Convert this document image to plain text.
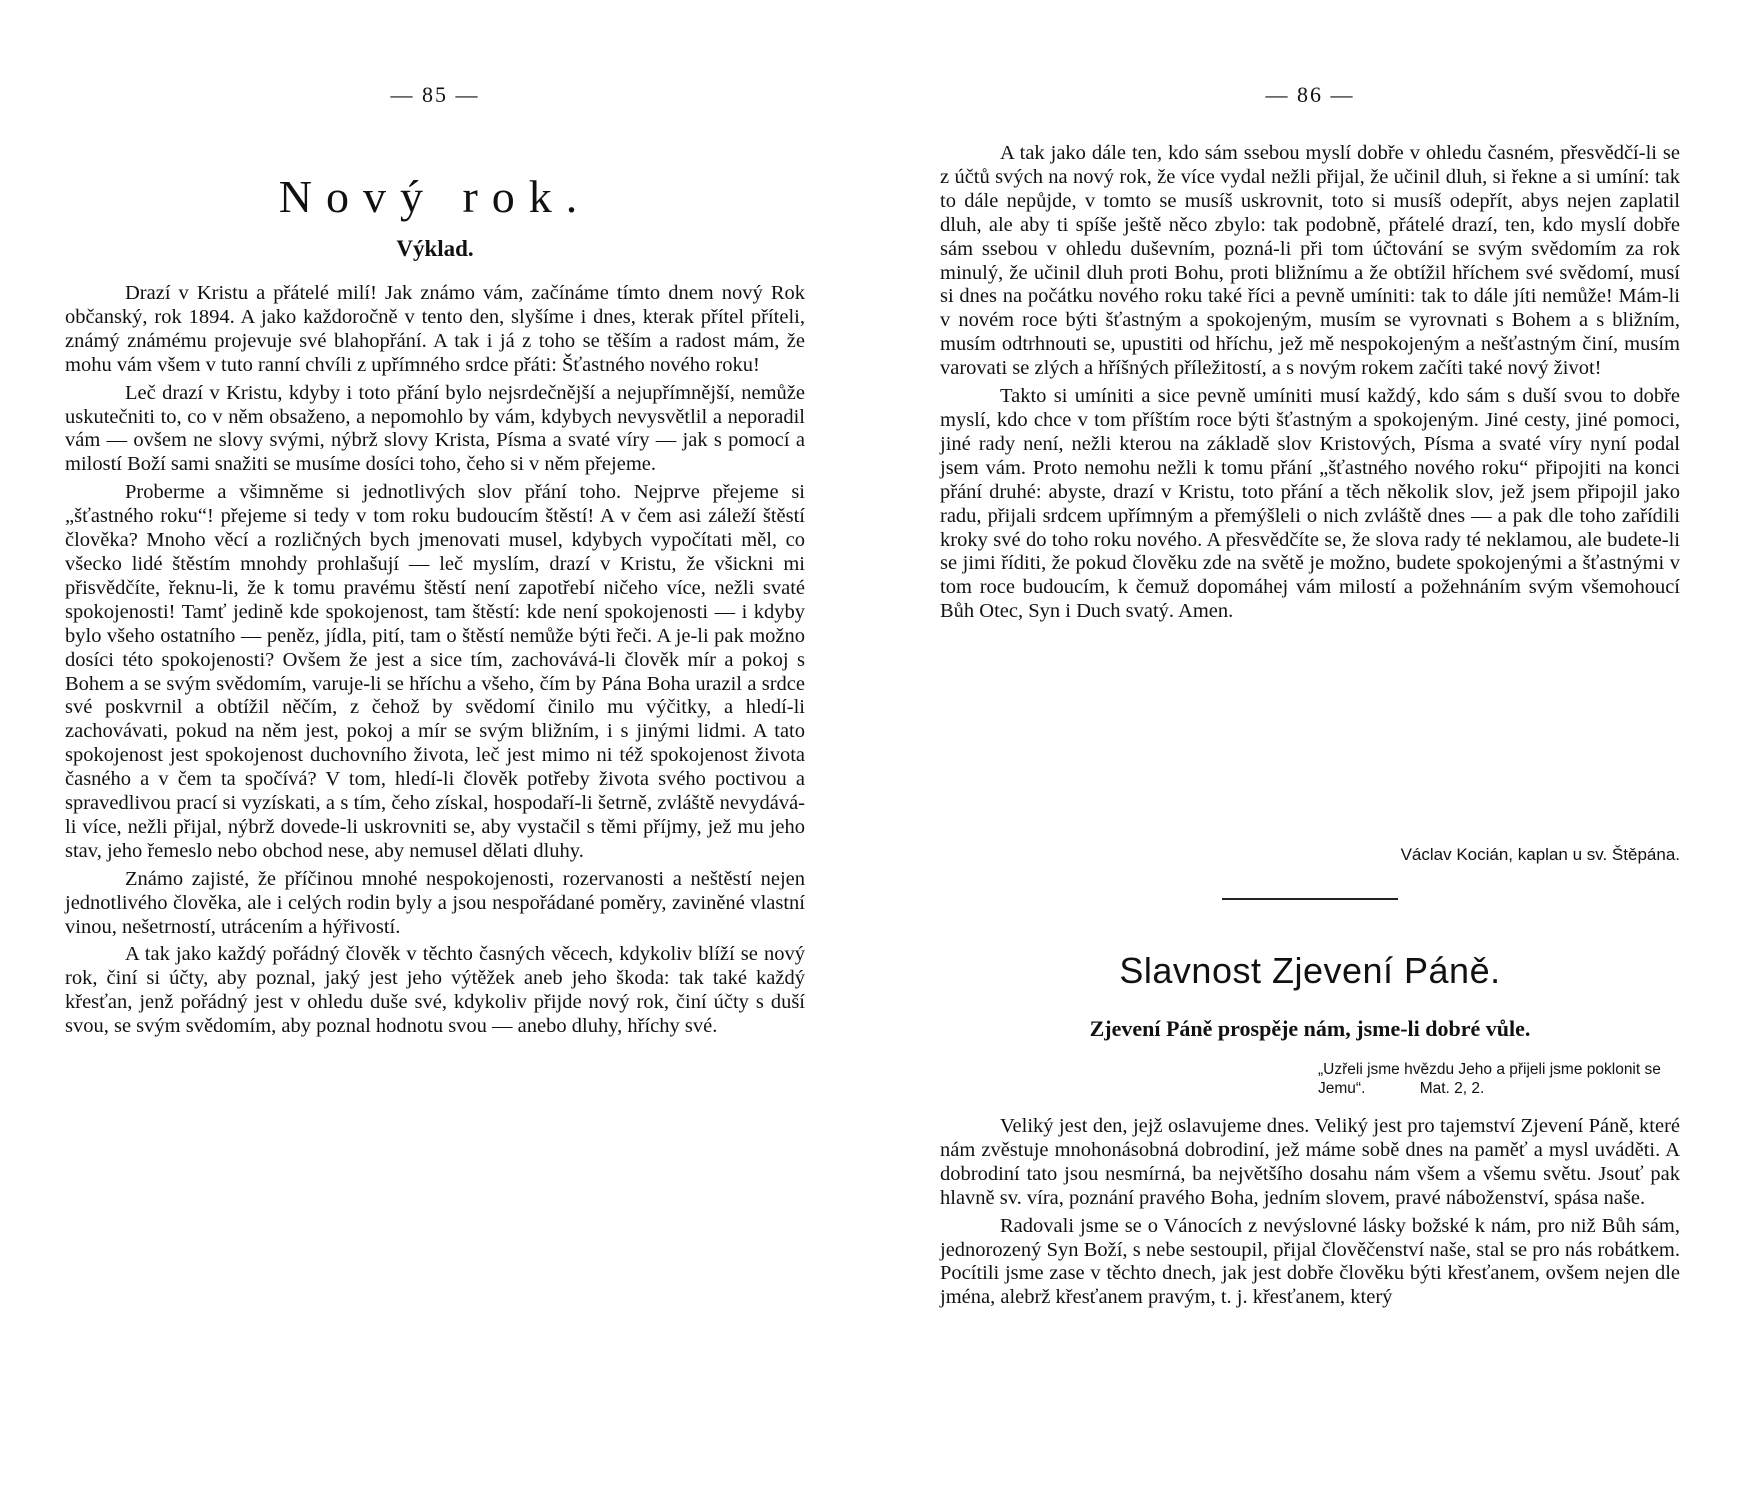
— 85 —
Nový rok.
Výklad.

Drazí v Kristu a přátelé milí! Jak známo vám, začínáme tímto dnem nový Rok občanský, rok 1894. A jako každoročně v tento den, slyšíme i dnes, kterak přítel příteli, známý známému projevuje své blahopřání. A tak i já z toho se těším a radost mám, že mohu vám všem v tuto ranní chvíli z upřímného srdce přáti: Šťastného nového roku!

Leč drazí v Kristu, kdyby i toto přání bylo nejsrdečnější a nejupřímnější, nemůže uskutečniti to, co v něm obsaženo, a nepomohlo by vám, kdybych nevysvětlil a neporadil vám — ovšem ne slovy svými, nýbrž slovy Krista, Písma a svaté víry — jak s pomocí a milostí Boží sami snažiti se musíme dosíci toho, čeho si v něm přejeme.

Proberme a všimněme si jednotlivých slov přání toho. Nejprve přejeme si „šťastného roku“! přejeme si tedy v tom roku budoucím štěstí! A v čem asi záleží štěstí člověka? Mnoho věcí a rozličných bych jmenovati musel, kdybych vypočítati měl, co všecko lidé štěstím mnohdy prohlašují — leč myslím, drazí v Kristu, že všickni mi přisvědčíte, řeknu-li, že k tomu pravému štěstí není zapotřebí ničeho více, nežli svaté spokojenosti! Tamť jedině kde spokojenost, tam štěstí: kde není spokojenosti — i kdyby bylo všeho ostatního — peněz, jídla, pití, tam o štěstí nemůže býti řeči. A je-li pak možno dosíci této spokojenosti? Ovšem že jest a sice tím, zachovává-li člověk mír a pokoj s Bohem a se svým svědomím, varuje-li se hříchu a všeho, čím by Pána Boha urazil a srdce své poskvrnil a obtížil něčím, z čehož by svědomí činilo mu výčitky, a hledí-li zachovávati, pokud na něm jest, pokoj a mír se svým bližním, i s jinými lidmi. A tato spokojenost jest spokojenost duchovního života, leč jest mimo ni též spokojenost života časného a v čem ta spočívá? V tom, hledí-li člověk potřeby života svého poctivou a spravedlivou prací si vyzískati, a s tím, čeho získal, hospodaří-li šetrně, zvláště nevydává-li více, nežli přijal, nýbrž dovede-li uskrovniti se, aby vystačil s těmi příjmy, jež mu jeho stav, jeho řemeslo nebo obchod nese, aby nemusel dělati dluhy.

Známo zajisté, že příčinou mnohé nespokojenosti, rozervanosti a neštěstí nejen jednotlivého člověka, ale i celých rodin byly a jsou nespořádané poměry, zaviněné vlastní vinou, nešetrností, utrácením a hýřivostí.

A tak jako každý pořádný člověk v těchto časných věcech, kdykoliv blíží se nový rok, činí si účty, aby poznal, jaký jest jeho výtěžek aneb jeho škoda: tak také každý křesťan, jenž pořádný jest v ohledu duše své, kdykoliv přijde nový rok, činí účty s duší svou, se svým svědomím, aby poznal hodnotu svou — anebo dluhy, hříchy své.

— 86 —

A tak jako dále ten, kdo sám ssebou myslí dobře v ohledu časném, přesvědčí-li se z účtů svých na nový rok, že více vydal nežli přijal, že učinil dluh, si řekne a si umíní: tak to dále nepůjde, v tomto se musíš uskrovnit, toto si musíš odepřít, abys nejen zaplatil dluh, ale aby ti spíše ještě něco zbylo: tak podobně, přátelé drazí, ten, kdo myslí dobře sám ssebou v ohledu duševním, pozná-li při tom účtování se svým svědomím za rok minulý, že učinil dluh proti Bohu, proti bližnímu a že obtížil hříchem své svědomí, musí si dnes na počátku nového roku také říci a pevně umíniti: tak to dále jíti nemůže! Mám-li v novém roce býti šťastným a spokojeným, musím se vyrovnati s Bohem a s bližním, musím odtrhnouti se, upustiti od hříchu, jež mě nespokojeným a nešťastným činí, musím varovati se zlých a hříšných příležitostí, a s novým rokem začíti také nový život!

Takto si umíniti a sice pevně umíniti musí každý, kdo sám s duší svou to dobře myslí, kdo chce v tom příštím roce býti šťastným a spokojeným. Jiné cesty, jiné pomoci, jiné rady není, nežli kterou na základě slov Kristových, Písma a svaté víry nyní podal jsem vám. Proto nemohu nežli k tomu přání „šťastného nového roku“ připojiti na konci přání druhé: abyste, drazí v Kristu, toto přání a těch několik slov, jež jsem připojil jako radu, přijali srdcem upřímným a přemýšleli o nich zvláště dnes — a pak dle toho zařídili kroky své do toho roku nového. A přesvědčíte se, že slova rady té neklamou, ale budete-li se jimi říditi, že pokud člověku zde na světě je možno, budete spokojenými a šťastnými v tom roce budoucím, k čemuž dopomáhej vám milostí a požehnáním svým všemohoucí Bůh Otec, Syn i Duch svatý. Amen.

Václav Kocián, kaplan u sv. Štěpána.
Slavnost Zjevení Páně.
Zjevení Páně prospěje nám, jsme-li dobré vůle.
„Uzřeli jsme hvězdu Jeho a přijeli jsme poklonit se Jemu“.	Mat. 2, 2.

Veliký jest den, jejž oslavujeme dnes. Veliký jest pro tajemství Zjevení Páně, které nám zvěstuje mnohonásobná dobrodiní, jež máme sobě dnes na paměť a mysl uváděti. A dobrodiní tato jsou nesmírná, ba největšího dosahu nám všem a všemu světu. Jsouť pak hlavně sv. víra, poznání pravého Boha, jedním slovem, pravé náboženství, spása naše.

Radovali jsme se o Vánocích z nevýslovné lásky božské k nám, pro niž Bůh sám, jednorozený Syn Boží, s nebe sestoupil, přijal člověčenství naše, stal se pro nás robátkem. Pocítili jsme zase v těchto dnech, jak jest dobře člověku býti křesťanem, ovšem nejen dle jména, alebrž křesťanem pravým, t. j. křesťanem, který
